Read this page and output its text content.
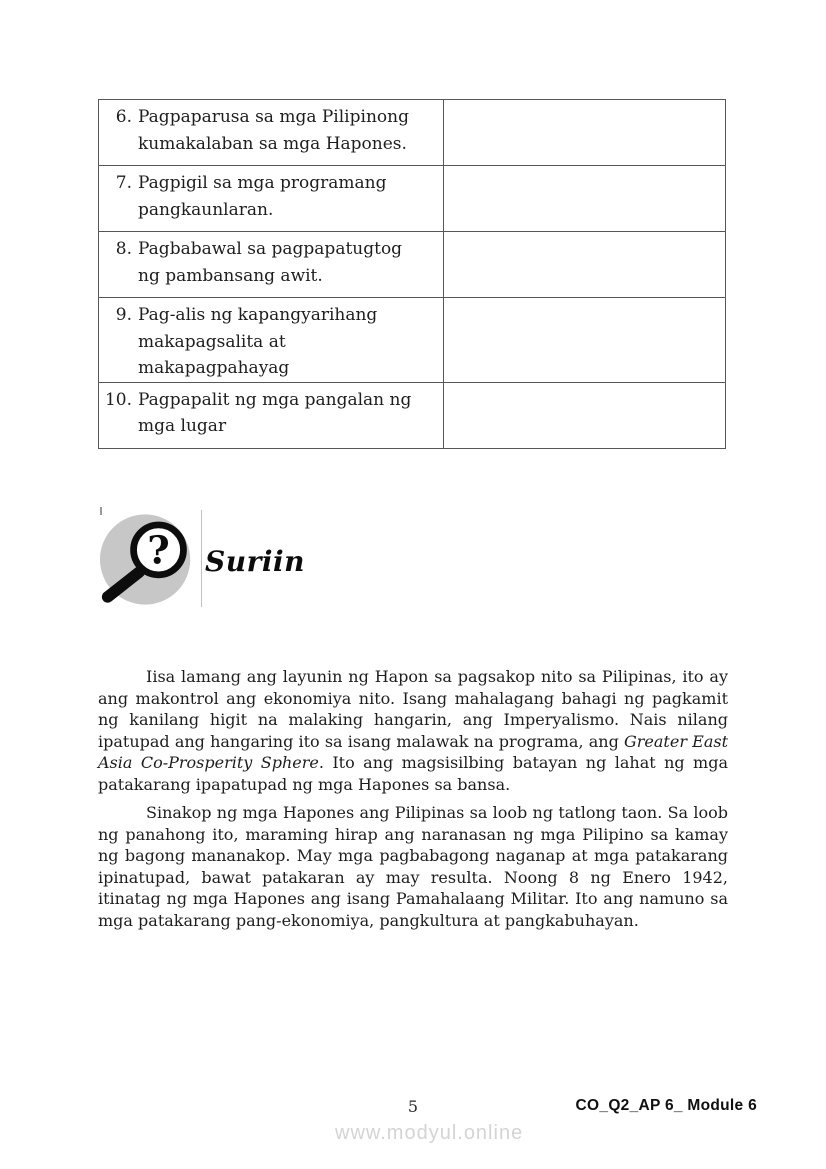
6. Pagpaparusa sa mga Pilipinong kumakalaban sa mga Hapones.	

7. Pagpigil sa mga programang pangkaunlaran.	

8. Pagbabawal sa pagpapatugtog ng pambansang awit.	

9. Pag-alis ng kapangyarihang makapagsalita at makapagpahayag	

10. Pagpapalit ng mga pangalan ng mga lugar	

? Suriin

Iisa lamang ang layunin ng Hapon sa pagsakop nito sa Pilipinas, ito ay ang makontrol ang ekonomiya nito. Isang mahalagang bahagi ng pagkamit ng kanilang higit na malaking hangarin, ang Imperyalismo. Nais nilang ipatupad ang hangaring ito sa isang malawak na programa, ang Greater East Asia Co-Prosperity Sphere. Ito ang magsisilbing batayan ng lahat ng mga patakarang ipapatupad ng mga Hapones sa bansa.

Sinakop ng mga Hapones ang Pilipinas sa loob ng tatlong taon. Sa loob ng panahong ito, maraming hirap ang naranasan ng mga Pilipino sa kamay ng bagong mananakop. May mga pagbabagong naganap at mga patakarang ipinatupad, bawat patakaran ay may resulta. Noong 8 ng Enero 1942, itinatag ng mga Hapones ang isang Pamahalaang Militar. Ito ang namuno sa mga patakarang pang-ekonomiya, pangkultura at pangkabuhayan.

5	CO_Q2_AP 6_ Module 6
www.modyul.online
